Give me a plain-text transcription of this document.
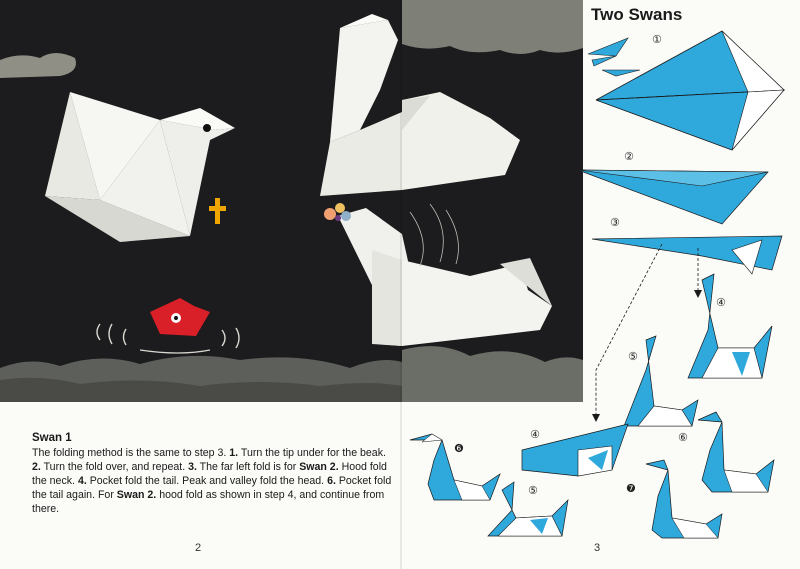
Two Swans
Swan 1

The folding method is the same to step 3. 1. Turn the tip under for the beak. 2. Turn the fold over, and repeat. 3. The far left fold is for Swan 2. Hood fold the neck. 4. Pocket fold the tail. Peak and valley fold the head. 6. Pocket fold the tail again. For Swan 2. hood fold as shown in step 4, and continue from there.

2	3
①
②
③
④
⑤
❻
④
⑤
⑥
❼
